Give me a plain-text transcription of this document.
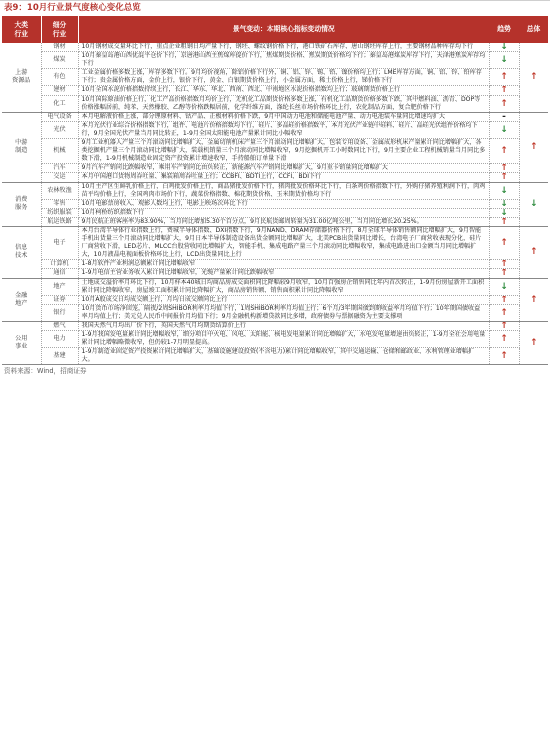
表9：10月行业景气度核心变化总览
大类
行业	细分
行业	景气变动：本期核心指标变动情况	趋势	总体
上游
资源品	钢材	10月钢材成交量环比下行，重点企业粗钢日均产量下行，钢坯、螺纹钢价格下行，港口铁矿石库存、唐山钢坯库存上行，主要钢材品种库存均下行	↓	↑
	煤炭	10月秦皇岛港山西优混平仓价下行，京唐港山西主焦煤库提价下行，焦煤期货价格、焦炭期货价格均下行；秦皇岛港煤炭库存下行，天津港焦炭库存均下行	↓	
	有色	工业金属价格多数上涨，库存多数下行。9月均价视角，除铝价格下行外，铜、铝、锌、锡、铅、镍价格均上行；LME库存方面，铜、铝、锌、铅库存下行；贵金属价格方面，金价上行，银价下行，黄金、白银期货价格上行，小金属方面，稀土价格上行，锑价格下行	↑	
	建材	10月全国水泥价格指数持续上行，长江、华东、华北、西南、西北、中南地区水泥价格指数均上行；玻璃期货价格上行	↑	
	化工	10月国际原油价格上行，化工产品价格指数月均价上行，无机化工品期货价格多数上涨，有机化工品期货价格多数下跌，其中燃料油、沥青、DOP等价格涨幅居前，纯苯、天然橡胶、乙醇等价格跌幅居前，化学纤维方面，涤纶长丝市场价格环比上行，农化制品方面，复合肥价格下行	↑	
中游
制造	电气设备	本月电解液价格上涨，部分锂原材料、钴产品、正极材料价格下跌，9月中国动力电池和储能电池产量、动力电池装车量同比增速均扩大	-	↑
	光伏	本月光伏行业综合价格指数下行，组件、电池片价格指数均下行，硅片、多晶硅价格指数平，本月光伏产业链中硅料、硅片、晶硅光伏组件价格均下行，9月全国光伏产量当月同比转正，1-9月全国太阳能电池产量累计同比小幅收窄	↓	
	机械	9月工业机器人产量三个月滚动同比增幅扩大，金属切削机床产量三个月滚动同比增幅扩大，包装专用设备、金属成形机床产量累计同比增幅扩大，各类挖掘机产量三个月滚动同比增幅扩大，装载机销量三个月滚动同比增幅收窄，9月挖掘机开工小时数同比下行，9月主要企业工程机械销量当月同比多数下滑，1-9月机械制造业固定资产投资累计增速收窄，手持船舶订单量下滑	↑	
	汽车	9月汽车产销同比跌幅收窄，乘用车产销同比由负转正，新能源汽车产销同比增幅扩大，9月重卡销量同比增幅扩大	↑	
	交运	本月中国港口货物周吞吐量、集装箱周吞吐量上行；CCBFI、BDTI上行，CCFI、BDI下行	↑	
消费
服务	农林牧渔	10月主产区生鲜乳价格上行，白鸡批发价格上行，商品猪批发价格下行，猪肉批发价格环比下行，白条鸡价格指数下行，外购仔猪养殖利润下行，肉鸡苗平均价格上行，全国鸡肉市场价下行，蔬菜价格指数、棉花期货价格、玉米期货价格均下行	↓	↓
	零售	10月电影票房收入、观影人数均上行，电影上映场次环比下行	↓	
	纺织服装	10月柯桥纺织指数下行	↓	
	航运铁路	9月民航正班客座率为83.90%，当月同比增加5.30个百分点，9月民航货邮周转量为31.00亿吨公里，当月同比增长20.25%。	↑	
信息
技术	电子	本月台湾半导体行业指数上行，费城半导体指数、DXI指数下行，9月NAND、DRAM存储器价格下行，8月全球半导体销售额同比增幅扩大，9月智能手机出货量三个月滚动同比增幅扩大，9月日本半导体制造设备出货金额同比增幅扩大，北美PCB出货量同比增长，台湾电子厂商营收表现分化，硅片厂商营收下滑，LED芯片、MLCC台股营收同比增幅扩大，智能手机、集成电路产量三个月滚动同比增幅收窄，集成电路进出口金额当月同比增幅扩大，10月液晶电视面板价格环比上行，LCD出货量同比上行	↑	↑
	计算机	1-8月软件产业利润总额累计同比增幅收窄	↑	
	通信	1-9月电信主营业务收入累计同比增幅收窄，光缆产量累计同比跌幅收窄	↑	
金融
地产	地产	土地成交溢价率月环比下行，10月样本40城日均商品房成交面积同比降幅较9月收窄，10月百强房企销售同比年内首次转正，1-9月份房屋新开工面积累计同比降幅收窄，房屋竣工面积累计同比降幅扩大，商品房销售额、销售面积累计同比降幅收窄	↓	↑
	证券	10月A股成交日均成交额上行，月均日成交额同比上行	↑	
	银行	10月货币市场净回笼，隔夜/2周SHIBOR利率月均值下行，1周SHIBOR利率月均值上行；6个月/3年期国债到期收益率月均值下行；10年期国债收益率月均值上行；美元兑人民币中间报价月均值下行；9月金融机构新增贷款同比多增，政府债券与票据融资为主要支撑项	↑	
公用
事业	燃气	我国天然气月均出厂价下行，英国天然气月均期货结算价上行	↑	↑
	电力	1-9月我国发电量累计同比增幅收窄，细分项目中火电、风电、太阳能、核电发电量累计同比增幅扩大，水电发电量增速由负转正，1-9月全社会用电量累计同比增幅略微收窄，但仍较1-7月明显提高。	↑	
	基建	1-9月制造业固定资产投资累计同比增幅扩大，基础设施建设投资(不含电力)累计同比增幅收窄，其中交通运输、仓储和邮政业、水利管理业增幅扩大。	↑	
资料来源：Wind，招商证券
